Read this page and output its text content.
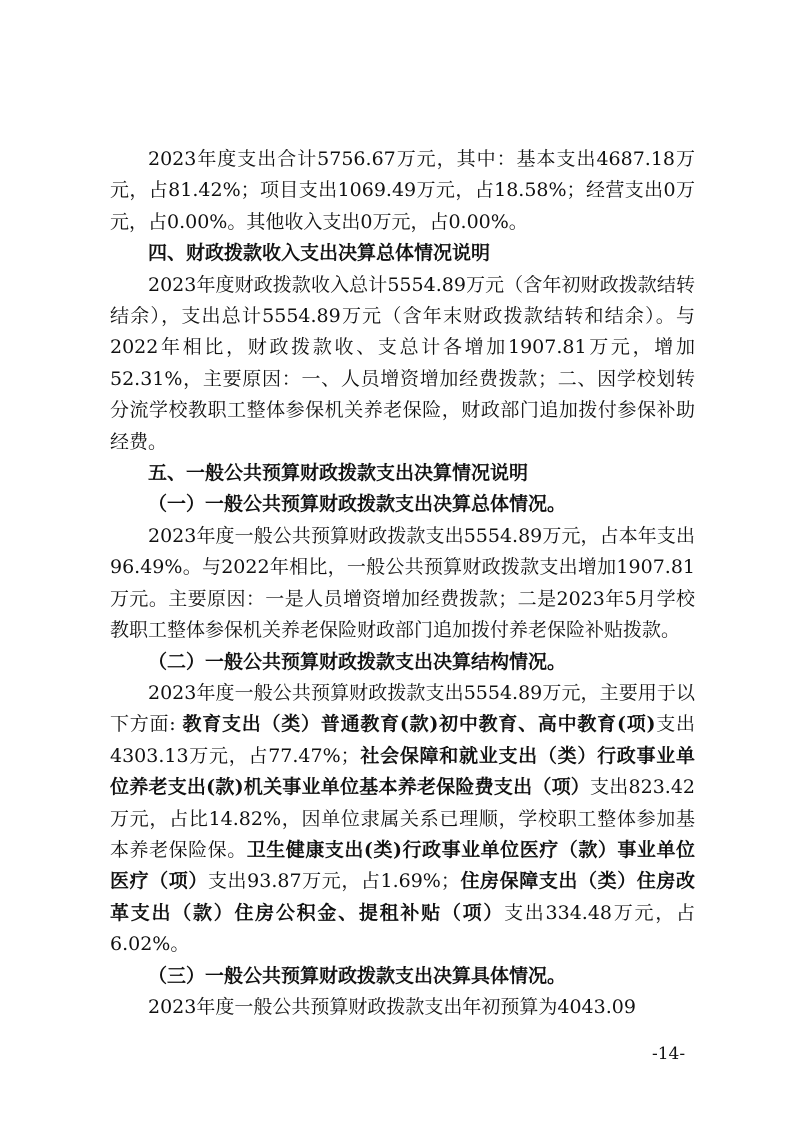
2023年度支出合计5756.67万元，其中：基本支出4687.18万元，占81.42%；项目支出1069.49万元，占18.58%；经营支出0万元，占0.00%。其他收入支出0万元，占0.00%。

四、财政拨款收入支出决算总体情况说明

2023年度财政拨款收入总计5554.89万元（含年初财政拨款结转结余），支出总计5554.89万元（含年末财政拨款结转和结余）。与2022年相比，财政拨款收、支总计各增加1907.81万元，增加52.31%，主要原因：一、人员增资增加经费拨款；二、因学校划转分流学校教职工整体参保机关养老保险，财政部门追加拨付参保补助经费。

五、一般公共预算财政拨款支出决算情况说明

（一）一般公共预算财政拨款支出决算总体情况。

2023年度一般公共预算财政拨款支出5554.89万元，占本年支出96.49%。与2022年相比，一般公共预算财政拨款支出增加1907.81万元。主要原因：一是人员增资增加经费拨款；二是2023年5月学校教职工整体参保机关养老保险财政部门追加拨付养老保险补贴拨款。

（二）一般公共预算财政拨款支出决算结构情况。

2023年度一般公共预算财政拨款支出5554.89万元，主要用于以下方面: 教育支出（类）普通教育(款)初中教育、高中教育(项)支出4303.13万元，占77.47%；社会保障和就业支出（类）行政事业单位养老支出(款)机关事业单位基本养老保险费支出（项）支出823.42万元，占比14.82%，因单位隶属关系已理顺，学校职工整体参加基本养老保险保。卫生健康支出(类)行政事业单位医疗（款）事业单位医疗（项）支出93.87万元，占1.69%；住房保障支出（类）住房改革支出（款）住房公积金、提租补贴（项）支出334.48万元，占6.02%。

（三）一般公共预算财政拨款支出决算具体情况。

2023年度一般公共预算财政拨款支出年初预算为4043.09

-14-
